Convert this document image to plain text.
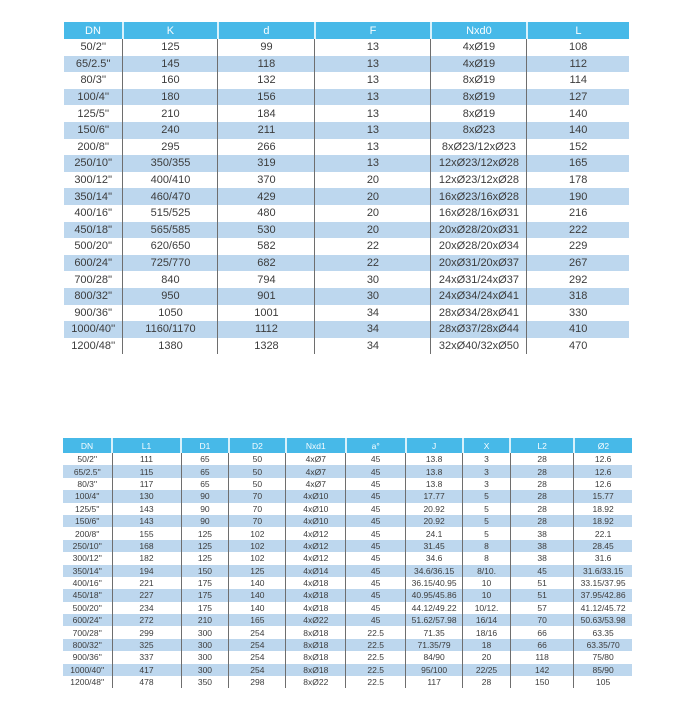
DN	K	d	F	Nxd0	L
50/2''	125	99	13	4xØ19	108
65/2.5''	145	118	13	4xØ19	112
80/3''	160	132	13	8xØ19	114
100/4''	180	156	13	8xØ19	127
125/5''	210	184	13	8xØ19	140
150/6''	240	211	13	8xØ23	140
200/8''	295	266	13	8xØ23/12xØ23	152
250/10''	350/355	319	13	12xØ23/12xØ28	165
300/12''	400/410	370	20	12xØ23/12xØ28	178
350/14''	460/470	429	20	16xØ23/16xØ28	190
400/16''	515/525	480	20	16xØ28/16xØ31	216
450/18''	565/585	530	20	20xØ28/20xØ31	222
500/20''	620/650	582	22	20xØ28/20xØ34	229
600/24''	725/770	682	22	20xØ31/20xØ37	267
700/28''	840	794	30	24xØ31/24xØ37	292
800/32''	950	901	30	24xØ34/24xØ41	318
900/36''	1050	1001	34	28xØ34/28xØ41	330
1000/40''	1160/1170	1112	34	28xØ37/28xØ44	410
1200/48''	1380	1328	34	32xØ40/32xØ50	470
DN	L1	D1	D2	Nxd1	a°	J	X	L2	Ø2
50/2''	111	65	50	4xØ7	45	13.8	3	28	12.6
65/2.5''	115	65	50	4xØ7	45	13.8	3	28	12.6
80/3''	117	65	50	4xØ7	45	13.8	3	28	12.6
100/4''	130	90	70	4xØ10	45	17.77	5	28	15.77
125/5''	143	90	70	4xØ10	45	20.92	5	28	18.92
150/6''	143	90	70	4xØ10	45	20.92	5	28	18.92
200/8''	155	125	102	4xØ12	45	24.1	5	38	22.1
250/10''	168	125	102	4xØ12	45	31.45	8	38	28.45
300/12''	182	125	102	4xØ12	45	34.6	8	38	31.6
350/14''	194	150	125	4xØ14	45	34.6/36.15	8/10.	45	31.6/33.15
400/16''	221	175	140	4xØ18	45	36.15/40.95	10	51	33.15/37.95
450/18''	227	175	140	4xØ18	45	40.95/45.86	10	51	37.95/42.86
500/20''	234	175	140	4xØ18	45	44.12/49.22	10/12.	57	41.12/45.72
600/24''	272	210	165	4xØ22	45	51.62/57.98	16/14	70	50.63/53.98
700/28''	299	300	254	8xØ18	22.5	71.35	18/16	66	63.35
800/32''	325	300	254	8xØ18	22.5	71.35/79	18	66	63.35/70
900/36''	337	300	254	8xØ18	22.5	84/90	20	118	75/80
1000/40''	417	300	254	8xØ18	22.5	95/100	22/25	142	85/90
1200/48''	478	350	298	8xØ22	22.5	117	28	150	105
